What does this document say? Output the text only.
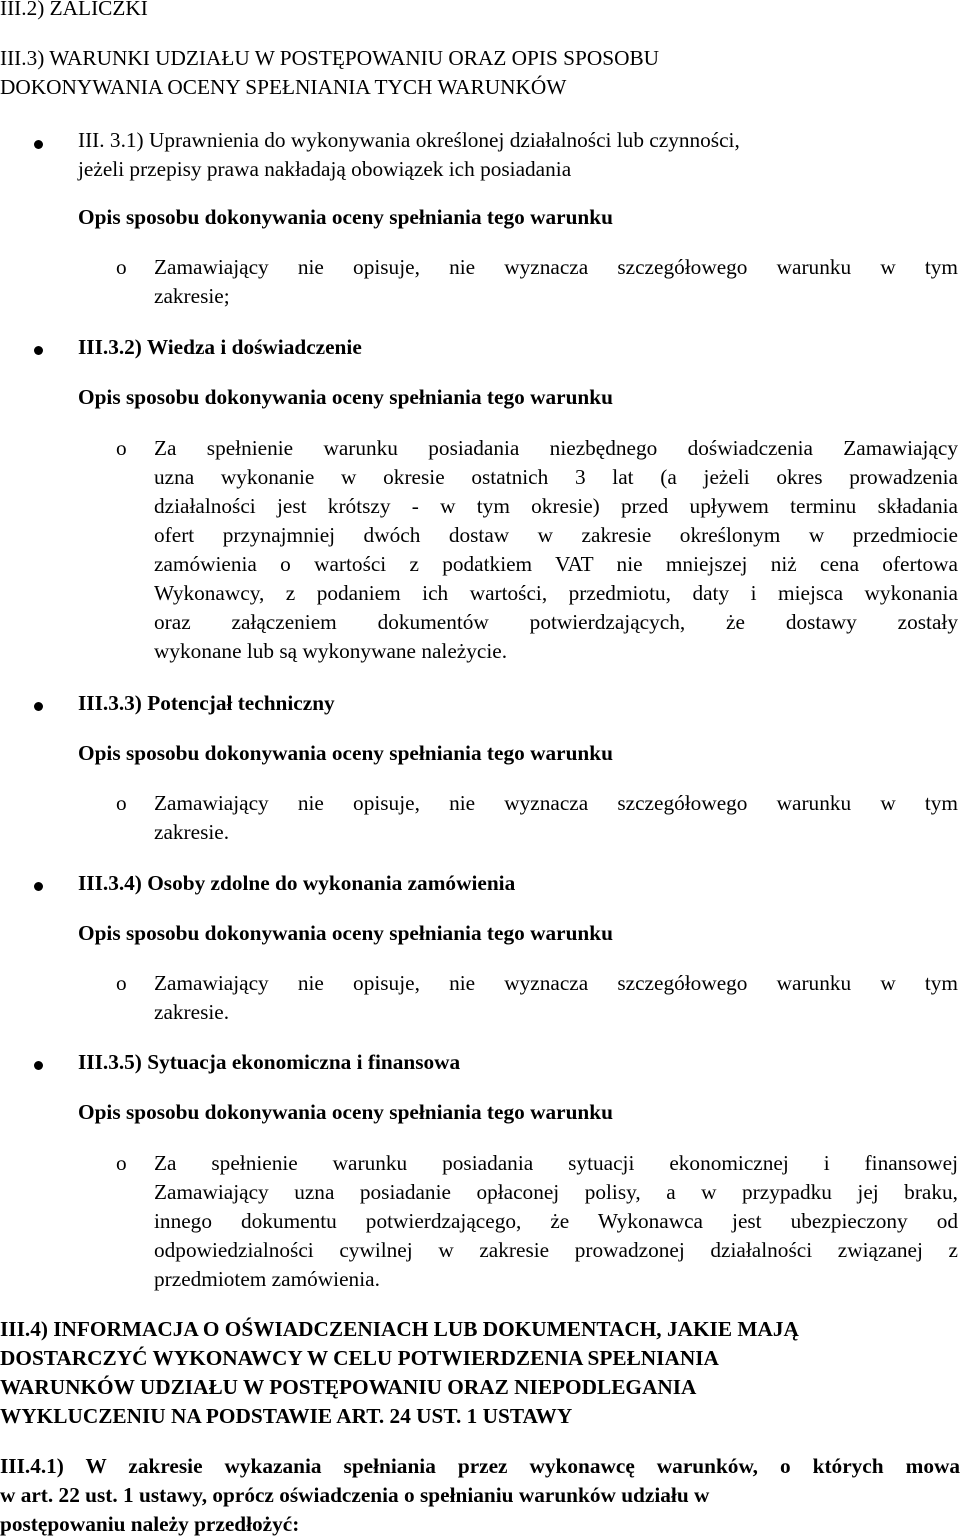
III.2) ZALICZKI
III.3) WARUNKI UDZIAŁU W POSTĘPOWANIU ORAZ OPIS SPOSOBU
DOKONYWANIA OCENY SPEŁNIANIA TYCH WARUNKÓW
III. 3.1) Uprawnienia do wykonywania określonej działalności lub czynności,
jeżeli przepisy prawa nakładają obowiązek ich posiadania
Opis sposobu dokonywania oceny spełniania tego warunku
o Zamawiający nie opisuje, nie wyznacza szczegółowego warunku w tym
zakresie;
III.3.2) Wiedza i doświadczenie
Opis sposobu dokonywania oceny spełniania tego warunku
o Za spełnienie warunku posiadania niezbędnego doświadczenia Zamawiający
uzna wykonanie w okresie ostatnich 3 lat (a jeżeli okres prowadzenia
działalności jest krótszy - w tym okresie) przed upływem terminu składania
ofert przynajmniej dwóch dostaw w zakresie określonym w przedmiocie
zamówienia o wartości z podatkiem VAT nie mniejszej niż cena ofertowa
Wykonawcy, z podaniem ich wartości, przedmiotu, daty i miejsca wykonania
oraz załączeniem dokumentów potwierdzających, że dostawy zostały
wykonane lub są wykonywane należycie.
III.3.3) Potencjał techniczny
Opis sposobu dokonywania oceny spełniania tego warunku
o Zamawiający nie opisuje, nie wyznacza szczegółowego warunku w tym
zakresie.
III.3.4) Osoby zdolne do wykonania zamówienia
Opis sposobu dokonywania oceny spełniania tego warunku
o Zamawiający nie opisuje, nie wyznacza szczegółowego warunku w tym
zakresie.
III.3.5) Sytuacja ekonomiczna i finansowa
Opis sposobu dokonywania oceny spełniania tego warunku
o Za spełnienie warunku posiadania sytuacji ekonomicznej i finansowej
Zamawiający uzna posiadanie opłaconej polisy, a w przypadku jej braku,
innego dokumentu potwierdzającego, że Wykonawca jest ubezpieczony od
odpowiedzialności cywilnej w zakresie prowadzonej działalności związanej z
przedmiotem zamówienia.
III.4) INFORMACJA O OŚWIADCZENIACH LUB DOKUMENTACH, JAKIE MAJĄ
DOSTARCZYĆ WYKONAWCY W CELU POTWIERDZENIA SPEŁNIANIA
WARUNKÓW UDZIAŁU W POSTĘPOWANIU ORAZ NIEPODLEGANIA
WYKLUCZENIU NA PODSTAWIE ART. 24 UST. 1 USTAWY
III.4.1) W zakresie wykazania spełniania przez wykonawcę warunków, o których mowa
w art. 22 ust. 1 ustawy, oprócz oświadczenia o spełnianiu warunków udziału w
postępowaniu należy przedłożyć:
